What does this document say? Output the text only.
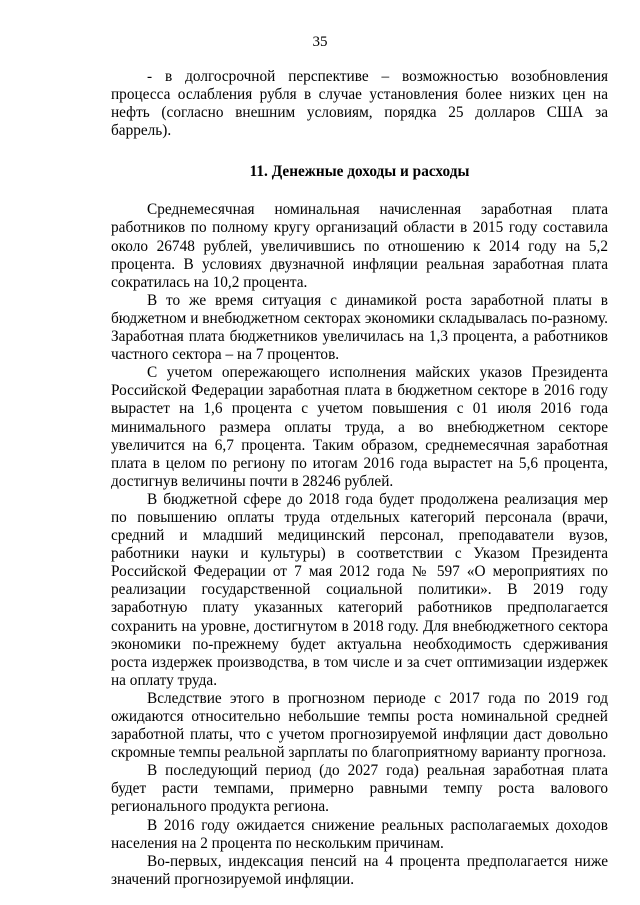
35

- в долгосрочной перспективе – возможностью возобновления процесса ослабления рубля в случае установления более низких цен на нефть (согласно внешним условиям, порядка 25 долларов США за баррель).

11. Денежные доходы и расходы

Среднемесячная номинальная начисленная заработная плата работников по полному кругу организаций области в 2015 году составила около 26748 рублей, увеличившись по отношению к 2014 году на 5,2 процента. В условиях двузначной инфляции реальная заработная плата сократилась на 10,2 процента.

В то же время ситуация с динамикой роста заработной платы в бюджетном и внебюджетном секторах экономики складывалась по-разному. Заработная плата бюджетников увеличилась на 1,3 процента, а работников частного сектора – на 7 процентов.

С учетом опережающего исполнения майских указов Президента Российской Федерации заработная плата в бюджетном секторе в 2016 году вырастет на 1,6 процента с учетом повышения с 01 июля 2016 года минимального размера оплаты труда, а во внебюджетном секторе увеличится на 6,7 процента. Таким образом, среднемесячная заработная плата в целом по региону по итогам 2016 года вырастет на 5,6 процента, достигнув величины почти в 28246 рублей.

В бюджетной сфере до 2018 года будет продолжена реализация мер по повышению оплаты труда отдельных категорий персонала (врачи, средний и младший медицинский персонал, преподаватели вузов, работники науки и культуры) в соответствии с Указом Президента Российской Федерации от 7 мая 2012 года № 597 «О мероприятиях по реализации государственной социальной политики». В 2019 году заработную плату указанных категорий работников предполагается сохранить на уровне, достигнутом в 2018 году. Для внебюджетного сектора экономики по-прежнему будет актуальна необходимость сдерживания роста издержек производства, в том числе и за счет оптимизации издержек на оплату труда.

Вследствие этого в прогнозном периоде с 2017 года по 2019 год ожидаются относительно небольшие темпы роста номинальной средней заработной платы, что с учетом прогнозируемой инфляции даст довольно скромные темпы реальной зарплаты по благоприятному варианту прогноза.

В последующий период (до 2027 года) реальная заработная плата будет расти темпами, примерно равными темпу роста валового регионального продукта региона.

В 2016 году ожидается снижение реальных располагаемых доходов населения на 2 процента по нескольким причинам.

Во-первых, индексация пенсий на 4 процента предполагается ниже значений прогнозируемой инфляции.
